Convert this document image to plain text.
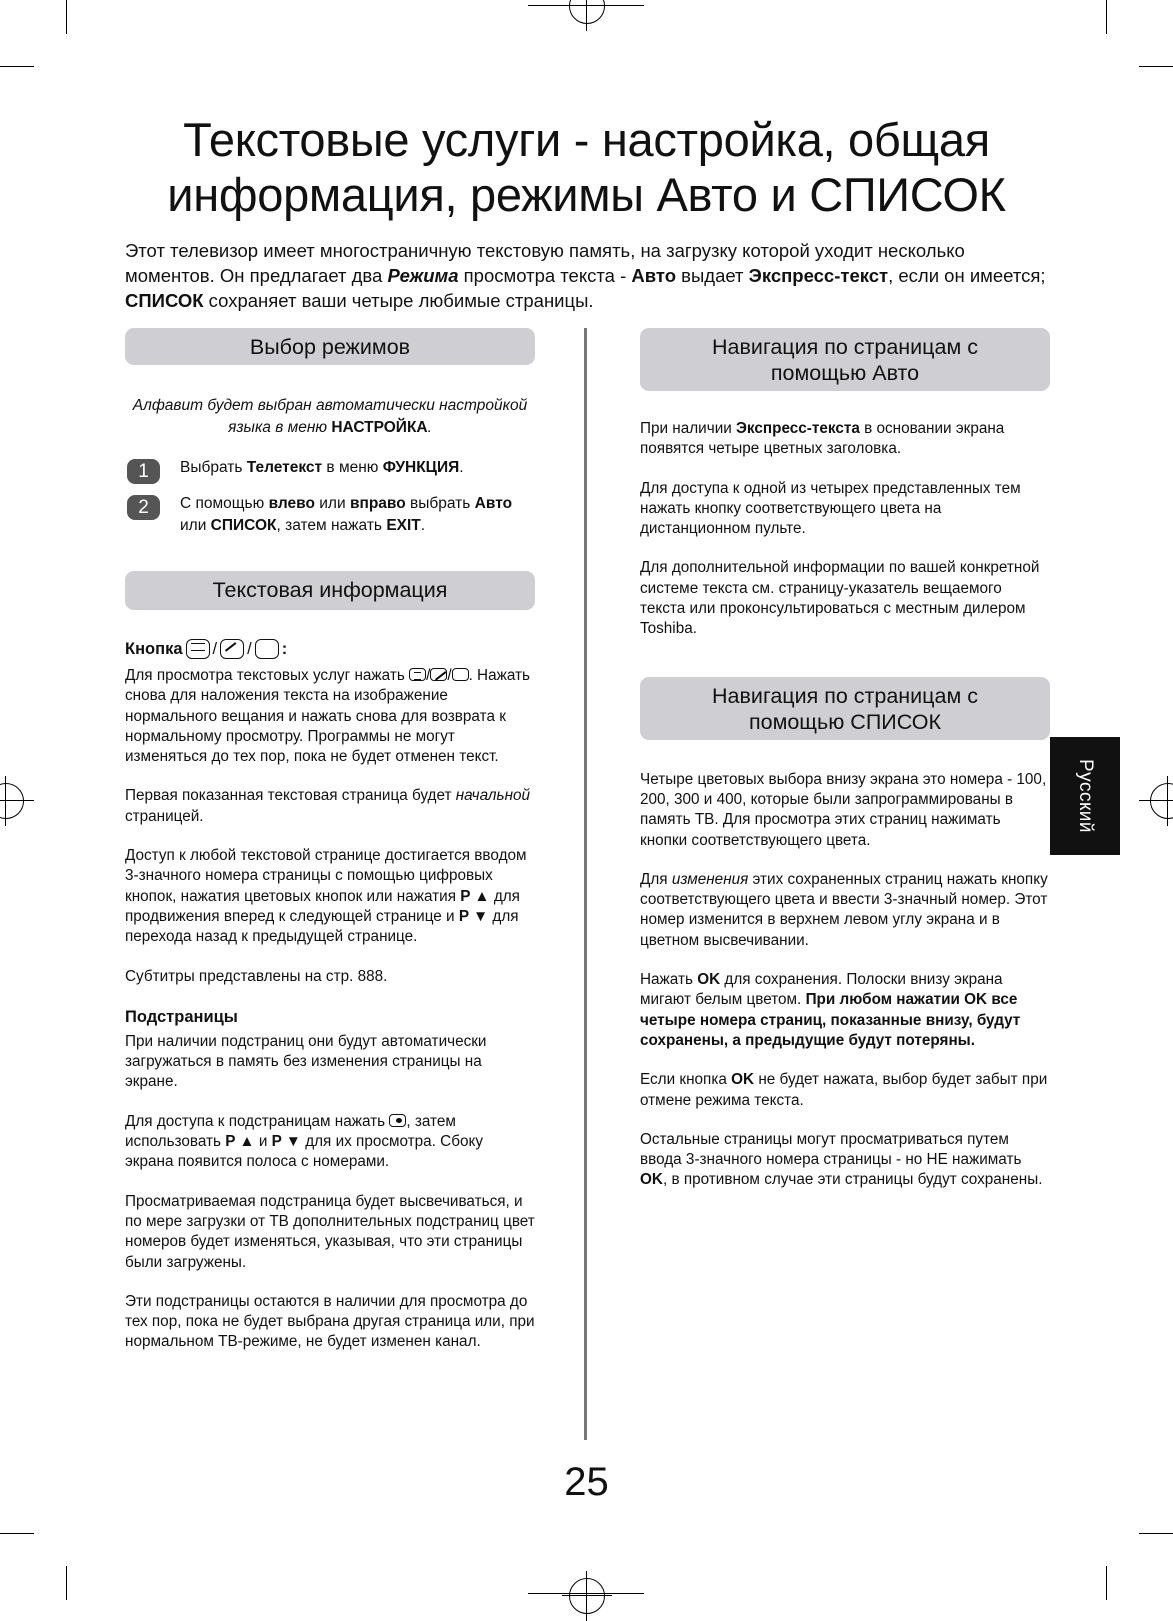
Текстовые услуги - настройка, общая
информация, режимы Авто и СПИСОК

Этот телевизор имеет многостраничную текстовую память, на загрузку которой уходит несколько моментов. Он предлагает два Режима просмотра текста - Авто выдает Экспресс-текст, если он имеется; СПИСОК сохраняет ваши четыре любимые страницы.

Выбор режимов
Алфавит будет выбран автоматически настройкой языка в меню НАСТРОЙКА.
1	Выбрать Телетекст в меню ФУНКЦИЯ.
2	С помощью влево или вправо выбрать Авто или СПИСОК, затем нажать EXIT.
Текстовая информация
Кнопка / / :

Для просмотра текстовых услуг нажать / / . Нажать снова для наложения текста на изображение нормального вещания и нажать снова для возврата к нормальному просмотру. Программы не могут изменяться до тех пор, пока не будет отменен текст.

Первая показанная текстовая страница будет начальной страницей.

Доступ к любой текстовой странице достигается вводом 3-значного номера страницы с помощью цифровых кнопок, нажатия цветовых кнопок или нажатия P ▲ для продвижения вперед к следующей странице и P ▼ для перехода назад к предыдущей странице.

Субтитры представлены на стр. 888.

Подстраницы

При наличии подстраниц они будут автоматически загружаться в память без изменения страницы на экране.

Для доступа к подстраницам нажать , затем использовать P ▲ и P ▼ для их просмотра. Сбоку экрана появится полоса с номерами.

Просматриваемая подстраница будет высвечиваться, и по мере загрузки от ТВ дополнительных подстраниц цвет номеров будет изменяться, указывая, что эти страницы были загружены.

Эти подстраницы остаются в наличии для просмотра до тех пор, пока не будет выбрана другая страница или, при нормальном ТВ-режиме, не будет изменен канал.

Навигация по страницам с
помощью Авто

При наличии Экспресс-текста в основании экрана появятся четыре цветных заголовка.

Для доступа к одной из четырех представленных тем нажать кнопку соответствующего цвета на дистанционном пульте.

Для дополнительной информации по вашей конкретной системе текста см. страницу-указатель вещаемого текста или проконсультироваться с местным дилером Toshiba.

Навигация по страницам с
помощью СПИСОК

Четыре цветовых выбора внизу экрана это номера - 100, 200, 300 и 400, которые были запрограммированы в память ТВ. Для просмотра этих страниц нажимать кнопки соответствующего цвета.

Для изменения этих сохраненных страниц нажать кнопку соответствующего цвета и ввести 3-значный номер. Этот номер изменится в верхнем левом углу экрана и в цветном высвечивании.

Нажать OK для сохранения. Полоски внизу экрана мигают белым цветом. При любом нажатии OK все четыре номера страниц, показанные внизу, будут сохранены, а предыдущие будут потеряны.

Если кнопка OK не будет нажата, выбор будет забыт при отмене режима текста.

Остальные страницы могут просматриваться путем ввода 3-значного номера страницы - но НЕ нажимать OK, в противном случае эти страницы будут сохранены.

Русский
25
